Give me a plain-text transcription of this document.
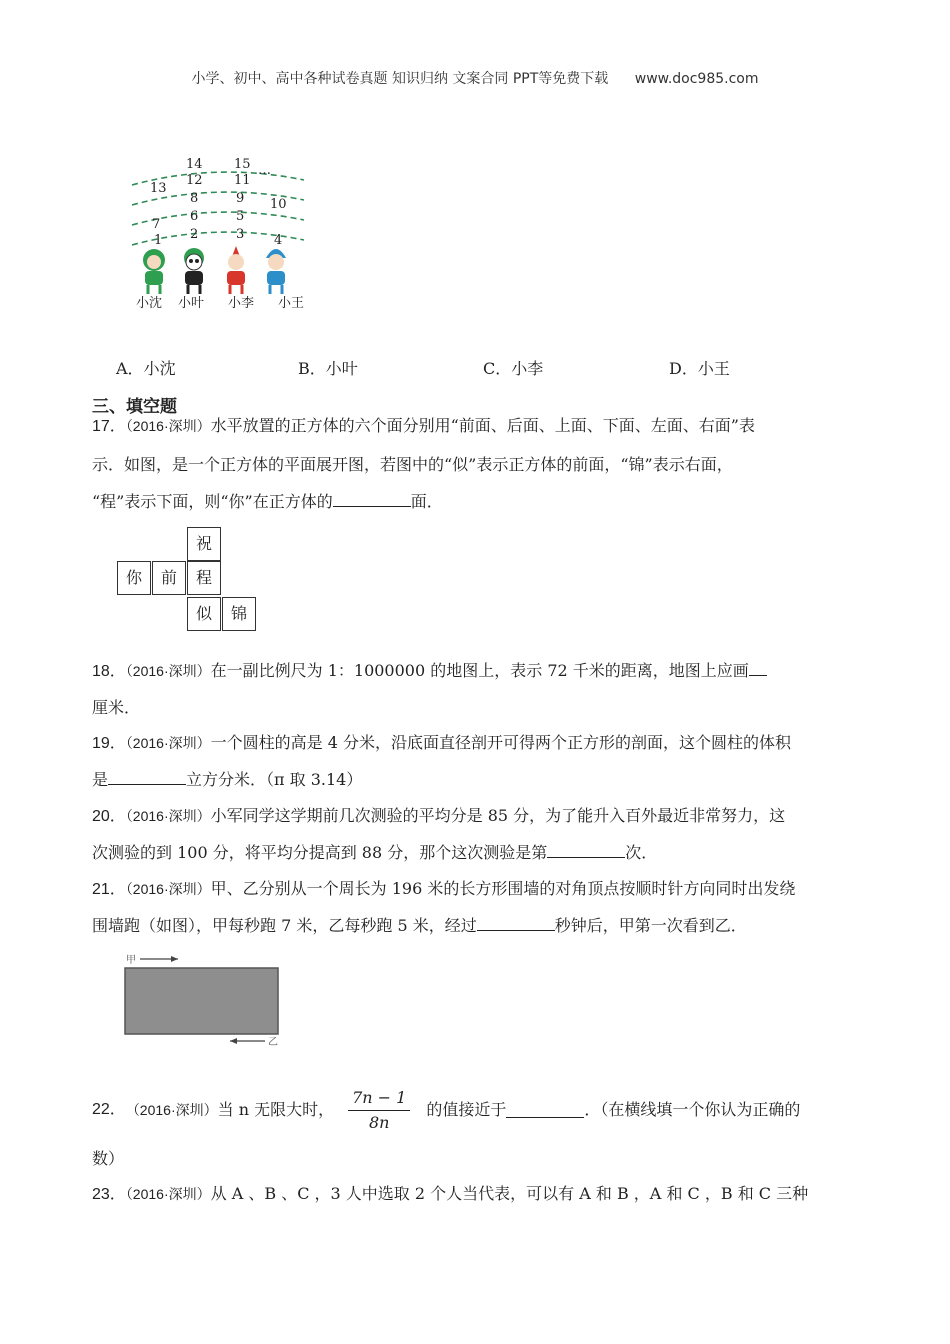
小学、初中、高中各种试卷真题 知识归纳 文案合同 PPT等免费下载 www.doc985.com
14 15 …
13
12 11
8	9 10
7
6	5
1 2	3 4
小沈 小叶 小李 小王
A．小沈	B．小叶	C．小李	D．小王
三、填空题
17．（2016·深圳）水平放置的正方体的六个面分别用“前面、后面、上面、下面、左面、右面”表
示．如图，是一个正方体的平面展开图，若图中的“似”表示正方体的前面，“锦”表示右面，
“程”表示下面，则“你”在正方体的	面．
祝
你	前	程
似	锦
18．（2016·深圳）在一副比例尺为 1：1000000 的地图上，表示 72 千米的距离，地图上应画
厘米．
19．（2016·深圳）一个圆柱的高是 4 分米，沿底面直径剖开可得两个正方形的剖面，这个圆柱的体积
是	立方分米．（π 取 3.14）
20．（2016·深圳）小军同学这学期前几次测验的平均分是 85 分，为了能升入百外最近非常努力，这
次测验的到 100 分，将平均分提高到 88 分，那个这次测验是第	次．
21．（2016·深圳）甲、乙分别从一个周长为 196 米的长方形围墙的对角顶点按顺时针方向同时出发绕
围墙跑（如图），甲每秒跑 7 米，乙每秒跑 5 米，经过	秒钟后，甲第一次看到乙．
甲
乙
22． （2016·深圳） 当 n 无限大时， $\frac{7n - 1}{8n}$ 的值接近于	．（在横线填一个你认为正确的
数）
23．（2016·深圳）从 A 、B 、C ，3 人中选取 2 个人当代表，可以有 A 和 B ，A 和 C ，B 和 C 三种
